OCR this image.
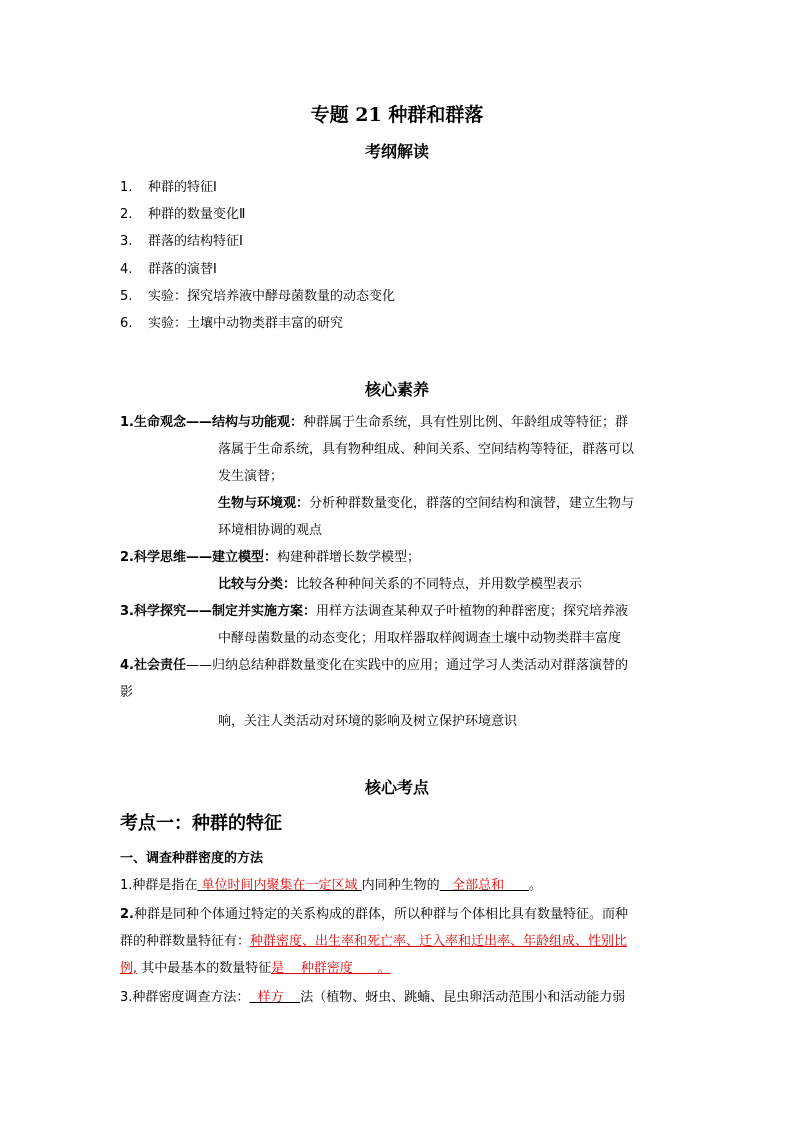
专题 21 种群和群落
考纲解读
1. 种群的特征Ⅰ
2. 种群的数量变化Ⅱ
3. 群落的结构特征Ⅰ
4. 群落的演替Ⅰ
5. 实验：探究培养液中酵母菌数量的动态变化
6. 实验：土壤中动物类群丰富的研究
核心素养
1.生命观念——结构与功能观：种群属于生命系统，具有性别比例、年龄组成等特征；群
落属于生命系统，具有物种组成、种间关系、空间结构等特征，群落可以
发生演替；
生物与环境观：分析种群数量变化，群落的空间结构和演替，建立生物与
环境相协调的观点
2.科学思维——建立模型：构建种群增长数学模型；
比较与分类：比较各种种间关系的不同特点，并用数学模型表示
3.科学探究——制定并实施方案：用样方法调查某种双子叶植物的种群密度；探究培养液
中酵母菌数量的动态变化；用取样器取样阀调查土壤中动物类群丰富度
4.社会责任——归纳总结种群数量变化在实践中的应用；通过学习人类活动对群落演替的
影
响，关注人类活动对环境的影响及树立保护环境意识
核心考点
考点一：种群的特征
一、调查种群密度的方法
1.种群是指在 单位时间内聚集在一定区域 内同种生物的   全部总和      。
2.种群是同种个体通过特定的关系构成的群体，所以种群与个体相比具有数量特征。而种
群的种群数量特征有：种群密度、出生率和死亡率、迁入率和迁出率、年龄组成、性别比
例, 其中最基本的数量特征是    种群密度      。
3.种群密度调查方法：  样方    法（植物、蚜虫、跳蝻、昆虫卵活动范围小和活动能力弱
